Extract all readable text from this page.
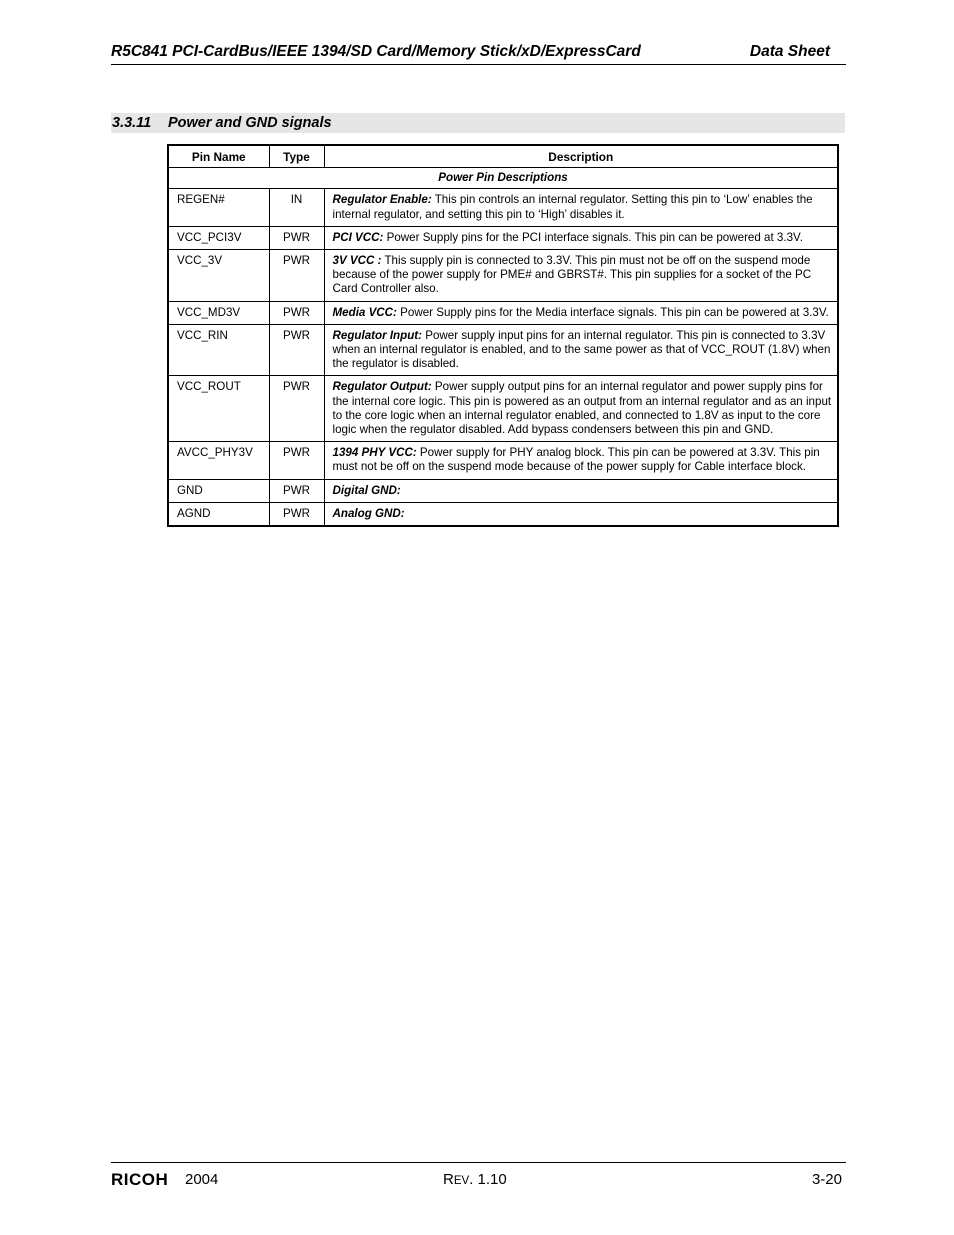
R5C841 PCI-CardBus/IEEE 1394/SD Card/Memory Stick/xD/ExpressCard	Data Sheet
3.3.11 Power and GND signals
Pin Name	Type	Description
Power Pin Descriptions		
REGEN#	IN	Regulator Enable: This pin controls an internal regulator. Setting this pin to ‘Low’ enables the internal regulator, and setting this pin to ‘High’ disables it.
VCC_PCI3V	PWR	PCI VCC: Power Supply pins for the PCI interface signals. This pin can be powered at 3.3V.
VCC_3V	PWR	3V VCC : This supply pin is connected to 3.3V. This pin must not be off on the suspend mode because of the power supply for PME# and GBRST#. This pin supplies for a socket of the PC Card Controller also.
VCC_MD3V	PWR	Media VCC: Power Supply pins for the Media interface signals. This pin can be powered at 3.3V.
VCC_RIN	PWR	Regulator Input: Power supply input pins for an internal regulator. This pin is connected to 3.3V when an internal regulator is enabled, and to the same power as that of VCC_ROUT (1.8V) when the regulator is disabled.
VCC_ROUT	PWR	Regulator Output: Power supply output pins for an internal regulator and power supply pins for the internal core logic. This pin is powered as an output from an internal regulator and as an input to the core logic when an internal regulator enabled, and connected to 1.8V as input to the core logic when the regulator disabled. Add bypass condensers between this pin and GND.
AVCC_PHY3V	PWR	1394 PHY VCC: Power supply for PHY analog block. This pin can be powered at 3.3V. This pin must not be off on the suspend mode because of the power supply for Cable interface block.
GND	PWR	Digital GND:
AGND	PWR	Analog GND:
RICOH 2004	REV. 1.10	3-20
